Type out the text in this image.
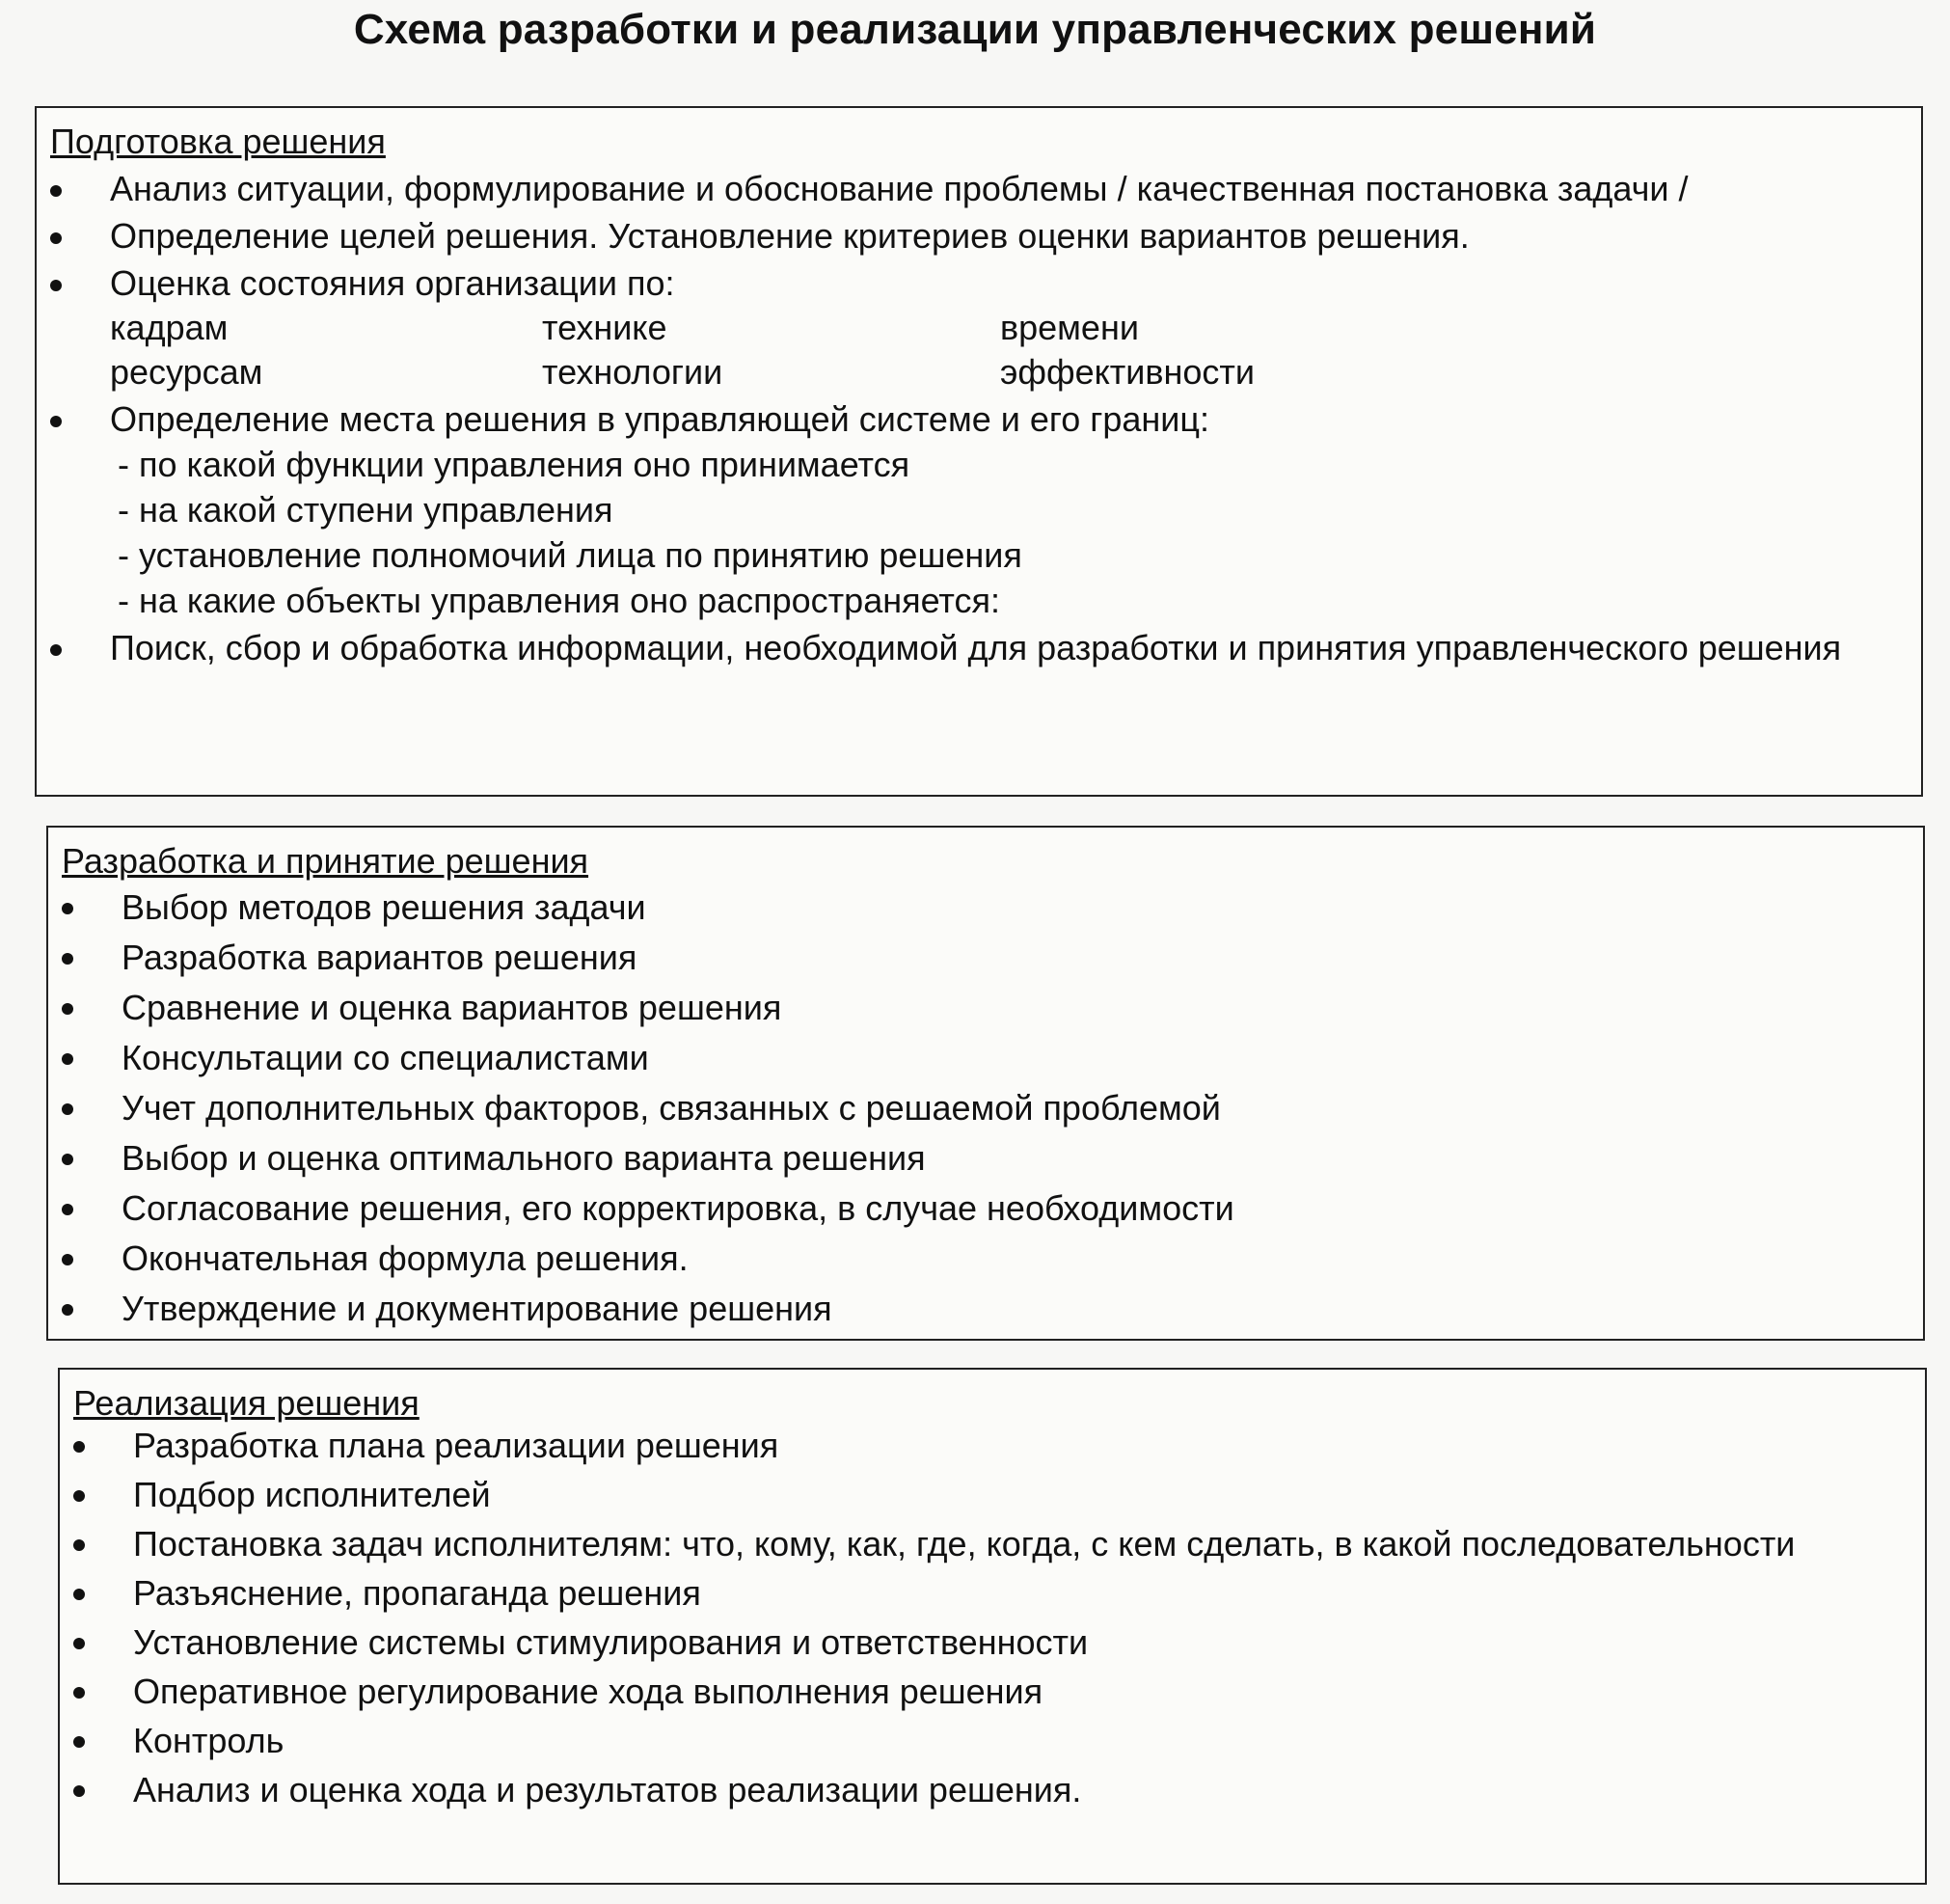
Схема разработки и реализации управленческих решений
Подготовка решения
Анализ ситуации, формулирование и обоснование проблемы / качественная постановка задачи /
Определение целей решения. Установление критериев оценки вариантов решения.
Оценка состояния организации по:
кадрам	технике	времени
ресурсам	технологии	эффективности
Определение места решения в управляющей системе и его границ:
- по какой функции управления оно принимается
- на какой ступени управления
- установление полномочий лица по принятию решения
- на какие объекты управления оно распространяется:
Поиск, сбор и обработка информации, необходимой для разработки и принятия управленческого решения
Разработка и принятие решения
Выбор методов решения задачи
Разработка вариантов решения
Сравнение и оценка вариантов решения
Консультации со специалистами
Учет дополнительных факторов, связанных с решаемой проблемой
Выбор и оценка оптимального варианта решения
Согласование решения, его корректировка, в случае необходимости
Окончательная формула решения.
Утверждение и документирование решения
Реализация решения
Разработка плана реализации решения
Подбор исполнителей
Постановка задач исполнителям: что, кому, как, где, когда, с кем сделать, в какой последовательности
Разъяснение, пропаганда решения
Установление системы стимулирования и ответственности
Оперативное регулирование хода выполнения решения
Контроль
Анализ и оценка хода и результатов реализации решения.
